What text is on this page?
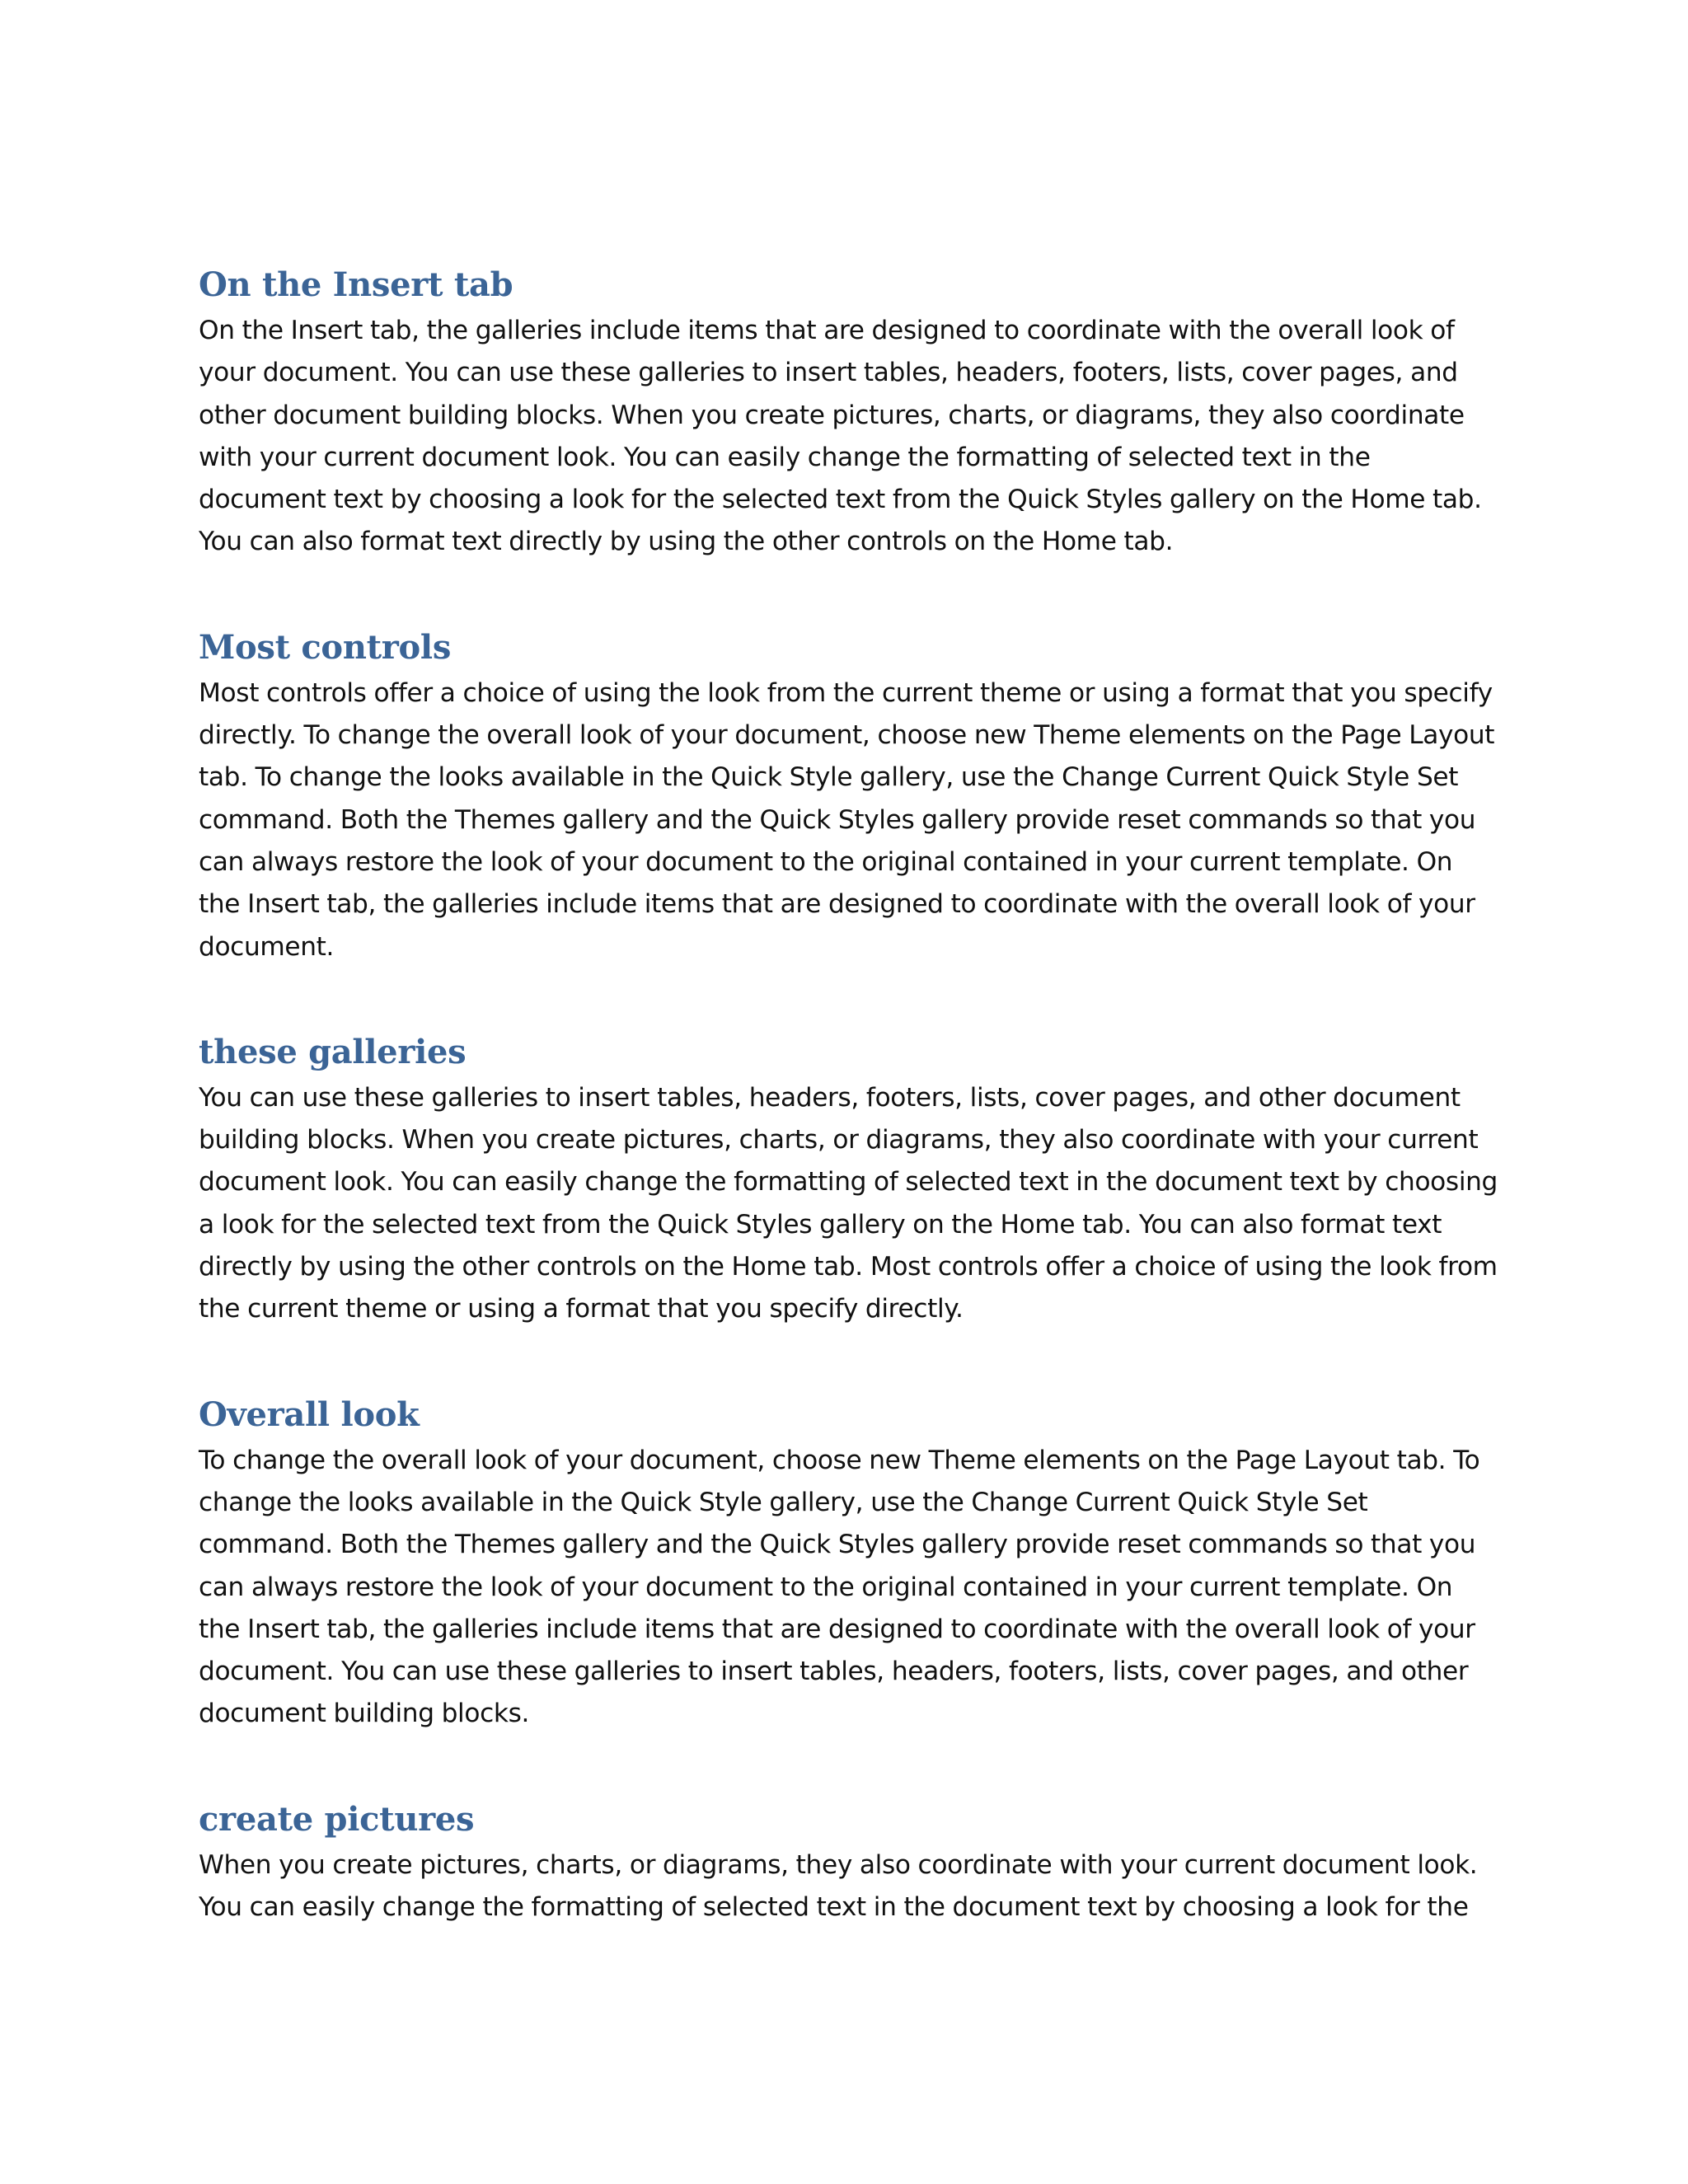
On the Insert tab

On the Insert tab, the galleries include items that are designed to coordinate with the overall look of your document. You can use these galleries to insert tables, headers, footers, lists, cover pages, and other document building blocks. When you create pictures, charts, or diagrams, they also coordinate with your current document look. You can easily change the formatting of selected text in the document text by choosing a look for the selected text from the Quick Styles gallery on the Home tab. You can also format text directly by using the other controls on the Home tab.

Most controls

Most controls offer a choice of using the look from the current theme or using a format that you specify directly. To change the overall look of your document, choose new Theme elements on the Page Layout tab. To change the looks available in the Quick Style gallery, use the Change Current Quick Style Set command. Both the Themes gallery and the Quick Styles gallery provide reset commands so that you can always restore the look of your document to the original contained in your current template. On the Insert tab, the galleries include items that are designed to coordinate with the overall look of your document.

these galleries

You can use these galleries to insert tables, headers, footers, lists, cover pages, and other document building blocks. When you create pictures, charts, or diagrams, they also coordinate with your current document look. You can easily change the formatting of selected text in the document text by choosing a look for the selected text from the Quick Styles gallery on the Home tab. You can also format text directly by using the other controls on the Home tab. Most controls offer a choice of using the look from the current theme or using a format that you specify directly.

Overall look

To change the overall look of your document, choose new Theme elements on the Page Layout tab. To change the looks available in the Quick Style gallery, use the Change Current Quick Style Set command. Both the Themes gallery and the Quick Styles gallery provide reset commands so that you can always restore the look of your document to the original contained in your current template. On the Insert tab, the galleries include items that are designed to coordinate with the overall look of your document. You can use these galleries to insert tables, headers, footers, lists, cover pages, and other document building blocks.

create pictures

When you create pictures, charts, or diagrams, they also coordinate with your current document look. You can easily change the formatting of selected text in the document text by choosing a look for the
